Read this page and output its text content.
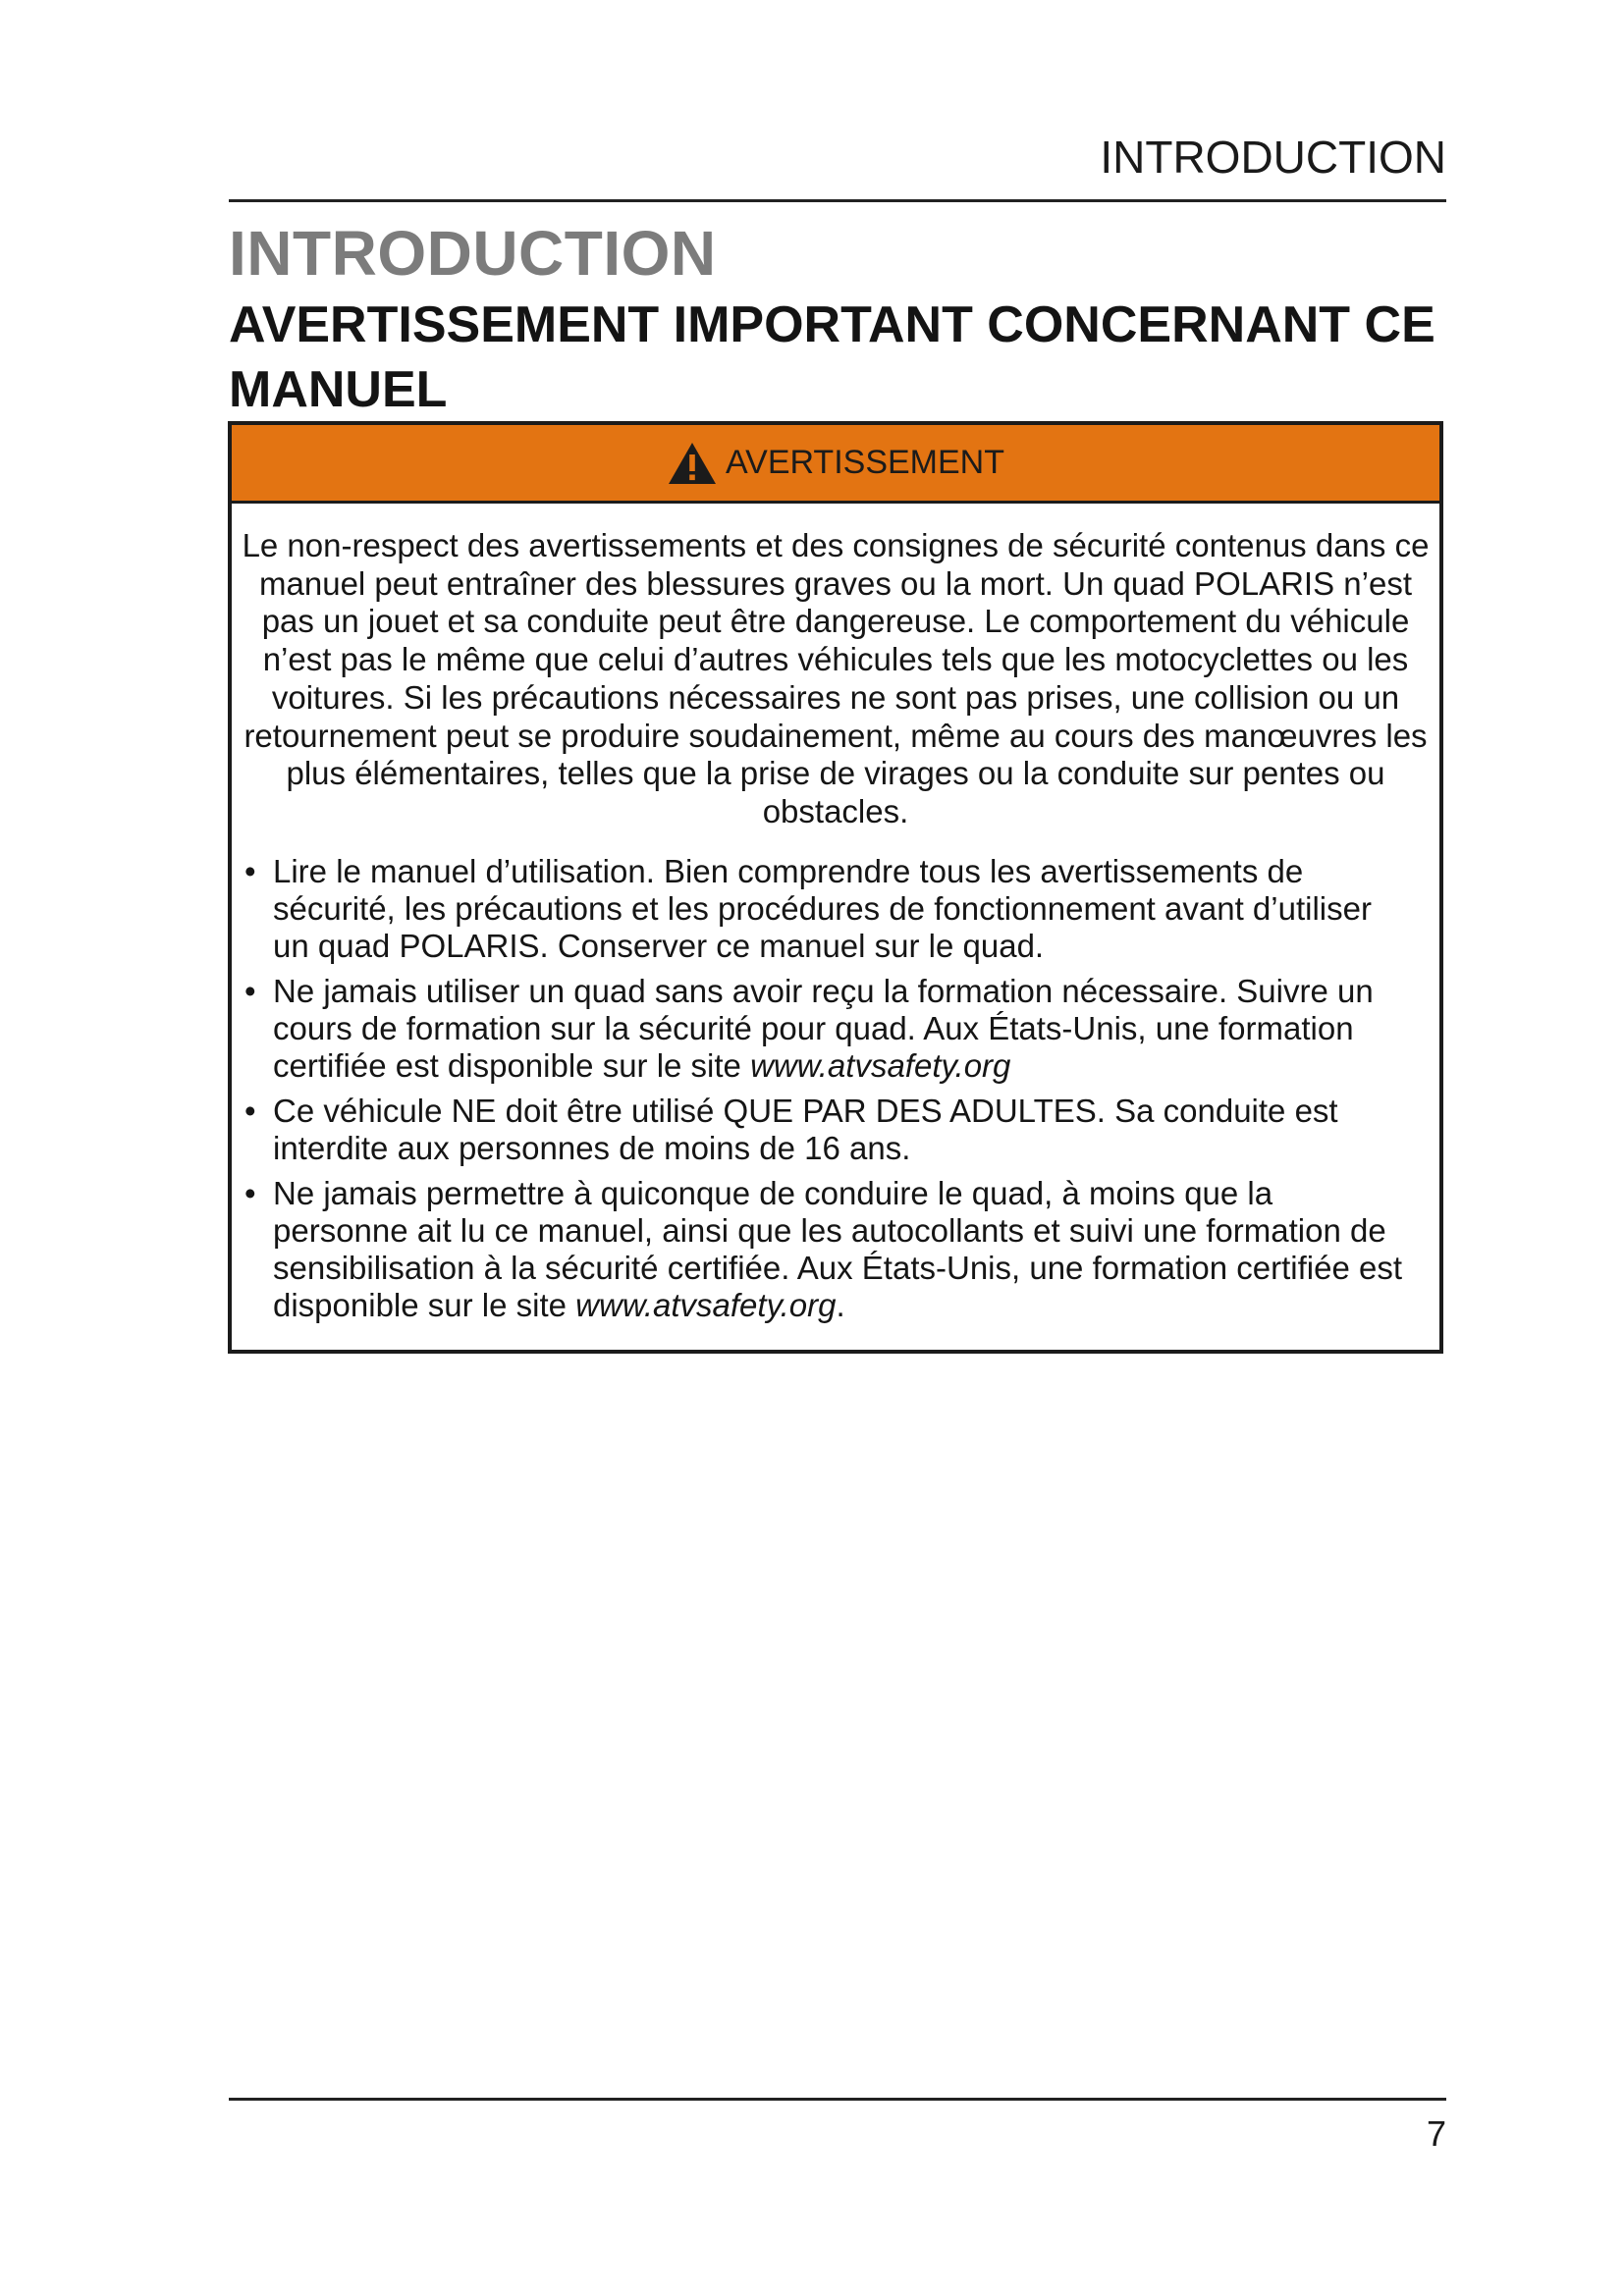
INTRODUCTION
INTRODUCTION
AVERTISSEMENT IMPORTANT CONCERNANT CE MANUEL
AVERTISSEMENT

Le non-respect des avertissements et des consignes de sécurité contenus dans ce manuel peut entraîner des blessures graves ou la mort. Un quad POLARIS n’est pas un jouet et sa conduite peut être dangereuse. Le comportement du véhicule n’est pas le même que celui d’autres véhicules tels que les motocyclettes ou les voitures. Si les précautions nécessaires ne sont pas prises, une collision ou un retournement peut se produire soudainement, même au cours des manœuvres les plus élémentaires, telles que la prise de virages ou la conduite sur pentes ou obstacles.

• Lire le manuel d’utilisation. Bien comprendre tous les avertissements de sécurité, les précautions et les procédures de fonctionnement avant d’utiliser un quad POLARIS. Conserver ce manuel sur le quad.
• Ne jamais utiliser un quad sans avoir reçu la formation nécessaire. Suivre un cours de formation sur la sécurité pour quad. Aux États-Unis, une formation certifiée est disponible sur le site www.atvsafety.org
• Ce véhicule NE doit être utilisé QUE PAR DES ADULTES. Sa conduite est interdite aux personnes de moins de 16 ans.
• Ne jamais permettre à quiconque de conduire le quad, à moins que la personne ait lu ce manuel, ainsi que les autocollants et suivi une formation de sensibilisation à la sécurité certifiée. Aux États-Unis, une formation certifiée est disponible sur le site www.atvsafety.org.
7
